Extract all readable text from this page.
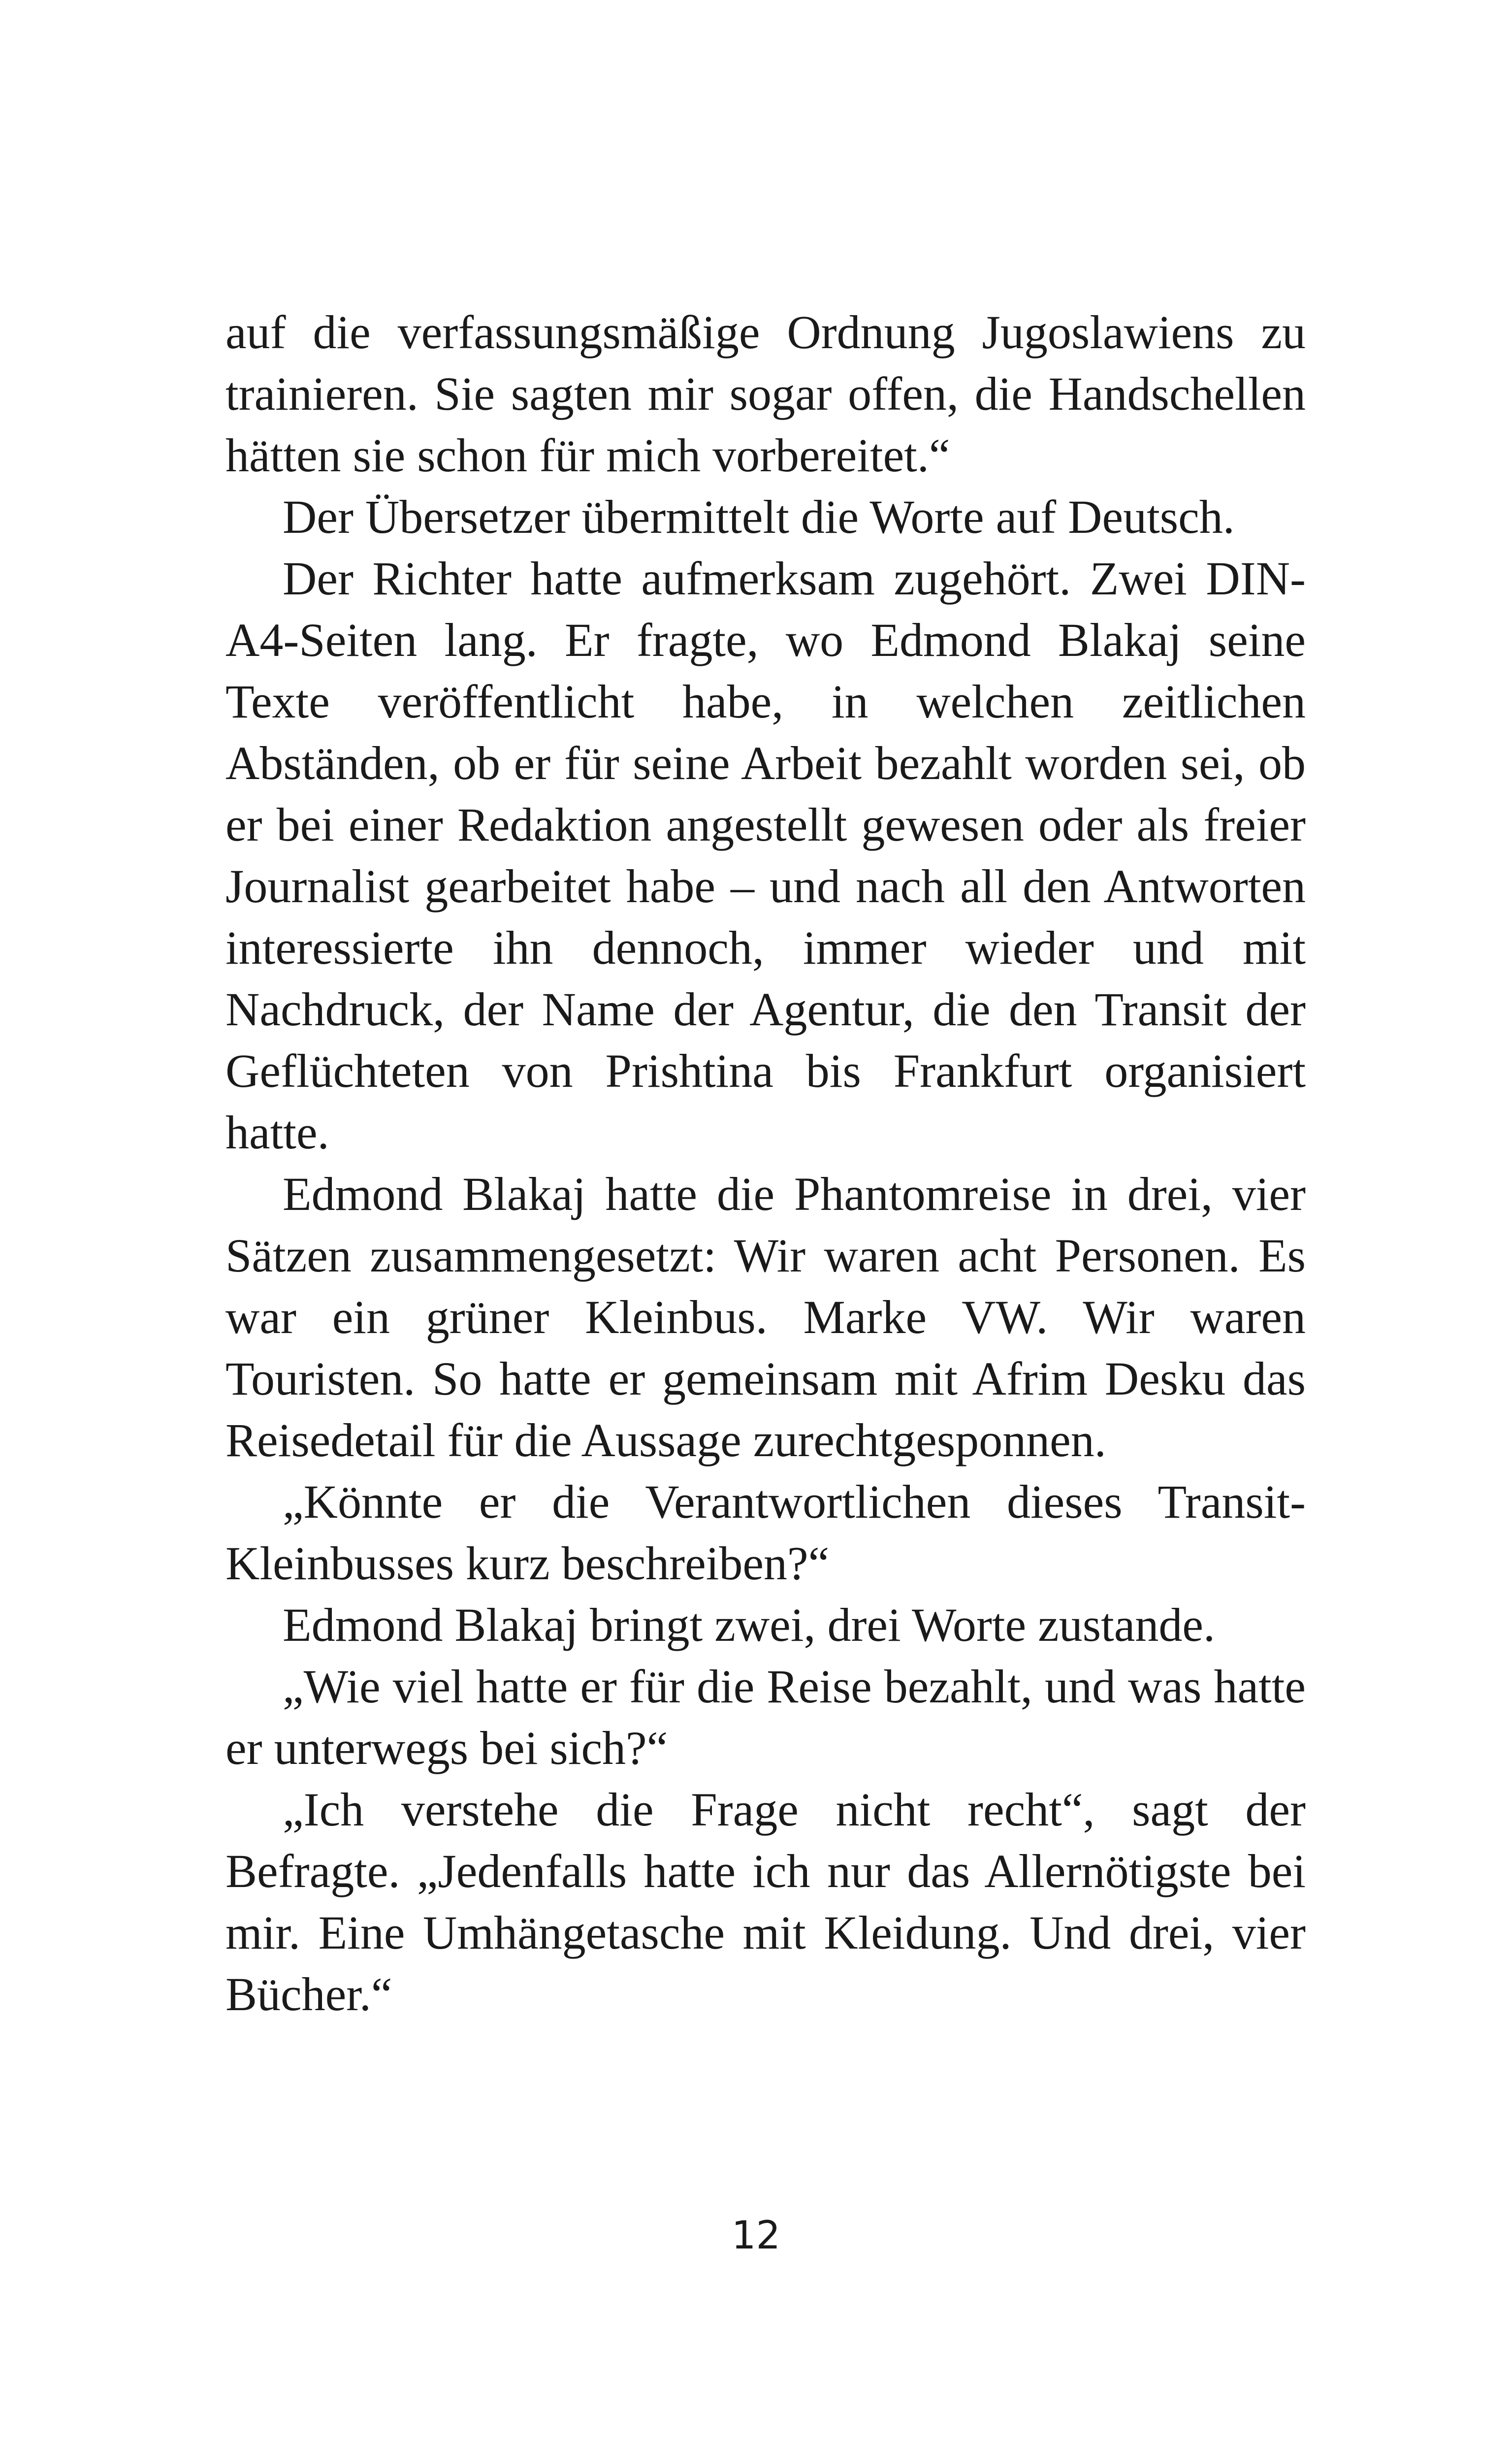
auf die verfassungsmäßige Ordnung Jugoslawiens zu trainieren. Sie sagten mir sogar offen, die Handschellen hätten sie schon für mich vorbereitet.“

Der Übersetzer übermittelt die Worte auf Deutsch.

Der Richter hatte aufmerksam zugehört. Zwei DIN-A4-Seiten lang. Er fragte, wo Edmond Blakaj seine Texte veröffentlicht habe, in welchen zeitlichen Abständen, ob er für seine Arbeit bezahlt worden sei, ob er bei einer Redaktion angestellt gewesen oder als freier Journalist gearbeitet habe – und nach all den Antworten interessierte ihn dennoch, immer wieder und mit Nachdruck, der Name der Agentur, die den Transit der Geflüchteten von Prishtina bis Frankfurt organisiert hatte.

Edmond Blakaj hatte die Phantomreise in drei, vier Sätzen zusammengesetzt: Wir waren acht Personen. Es war ein grüner Kleinbus. Marke VW. Wir waren Touristen. So hatte er gemeinsam mit Afrim Desku das Reisedetail für die Aussage zurechtgesponnen.

„Könnte er die Verantwortlichen dieses Transit-Kleinbusses kurz beschreiben?“

Edmond Blakaj bringt zwei, drei Worte zustande.

„Wie viel hatte er für die Reise bezahlt, und was hatte er unterwegs bei sich?“

„Ich verstehe die Frage nicht recht“, sagt der Befragte. „Jedenfalls hatte ich nur das Allernötigste bei mir. Eine Umhängetasche mit Kleidung. Und drei, vier Bücher.“

12
